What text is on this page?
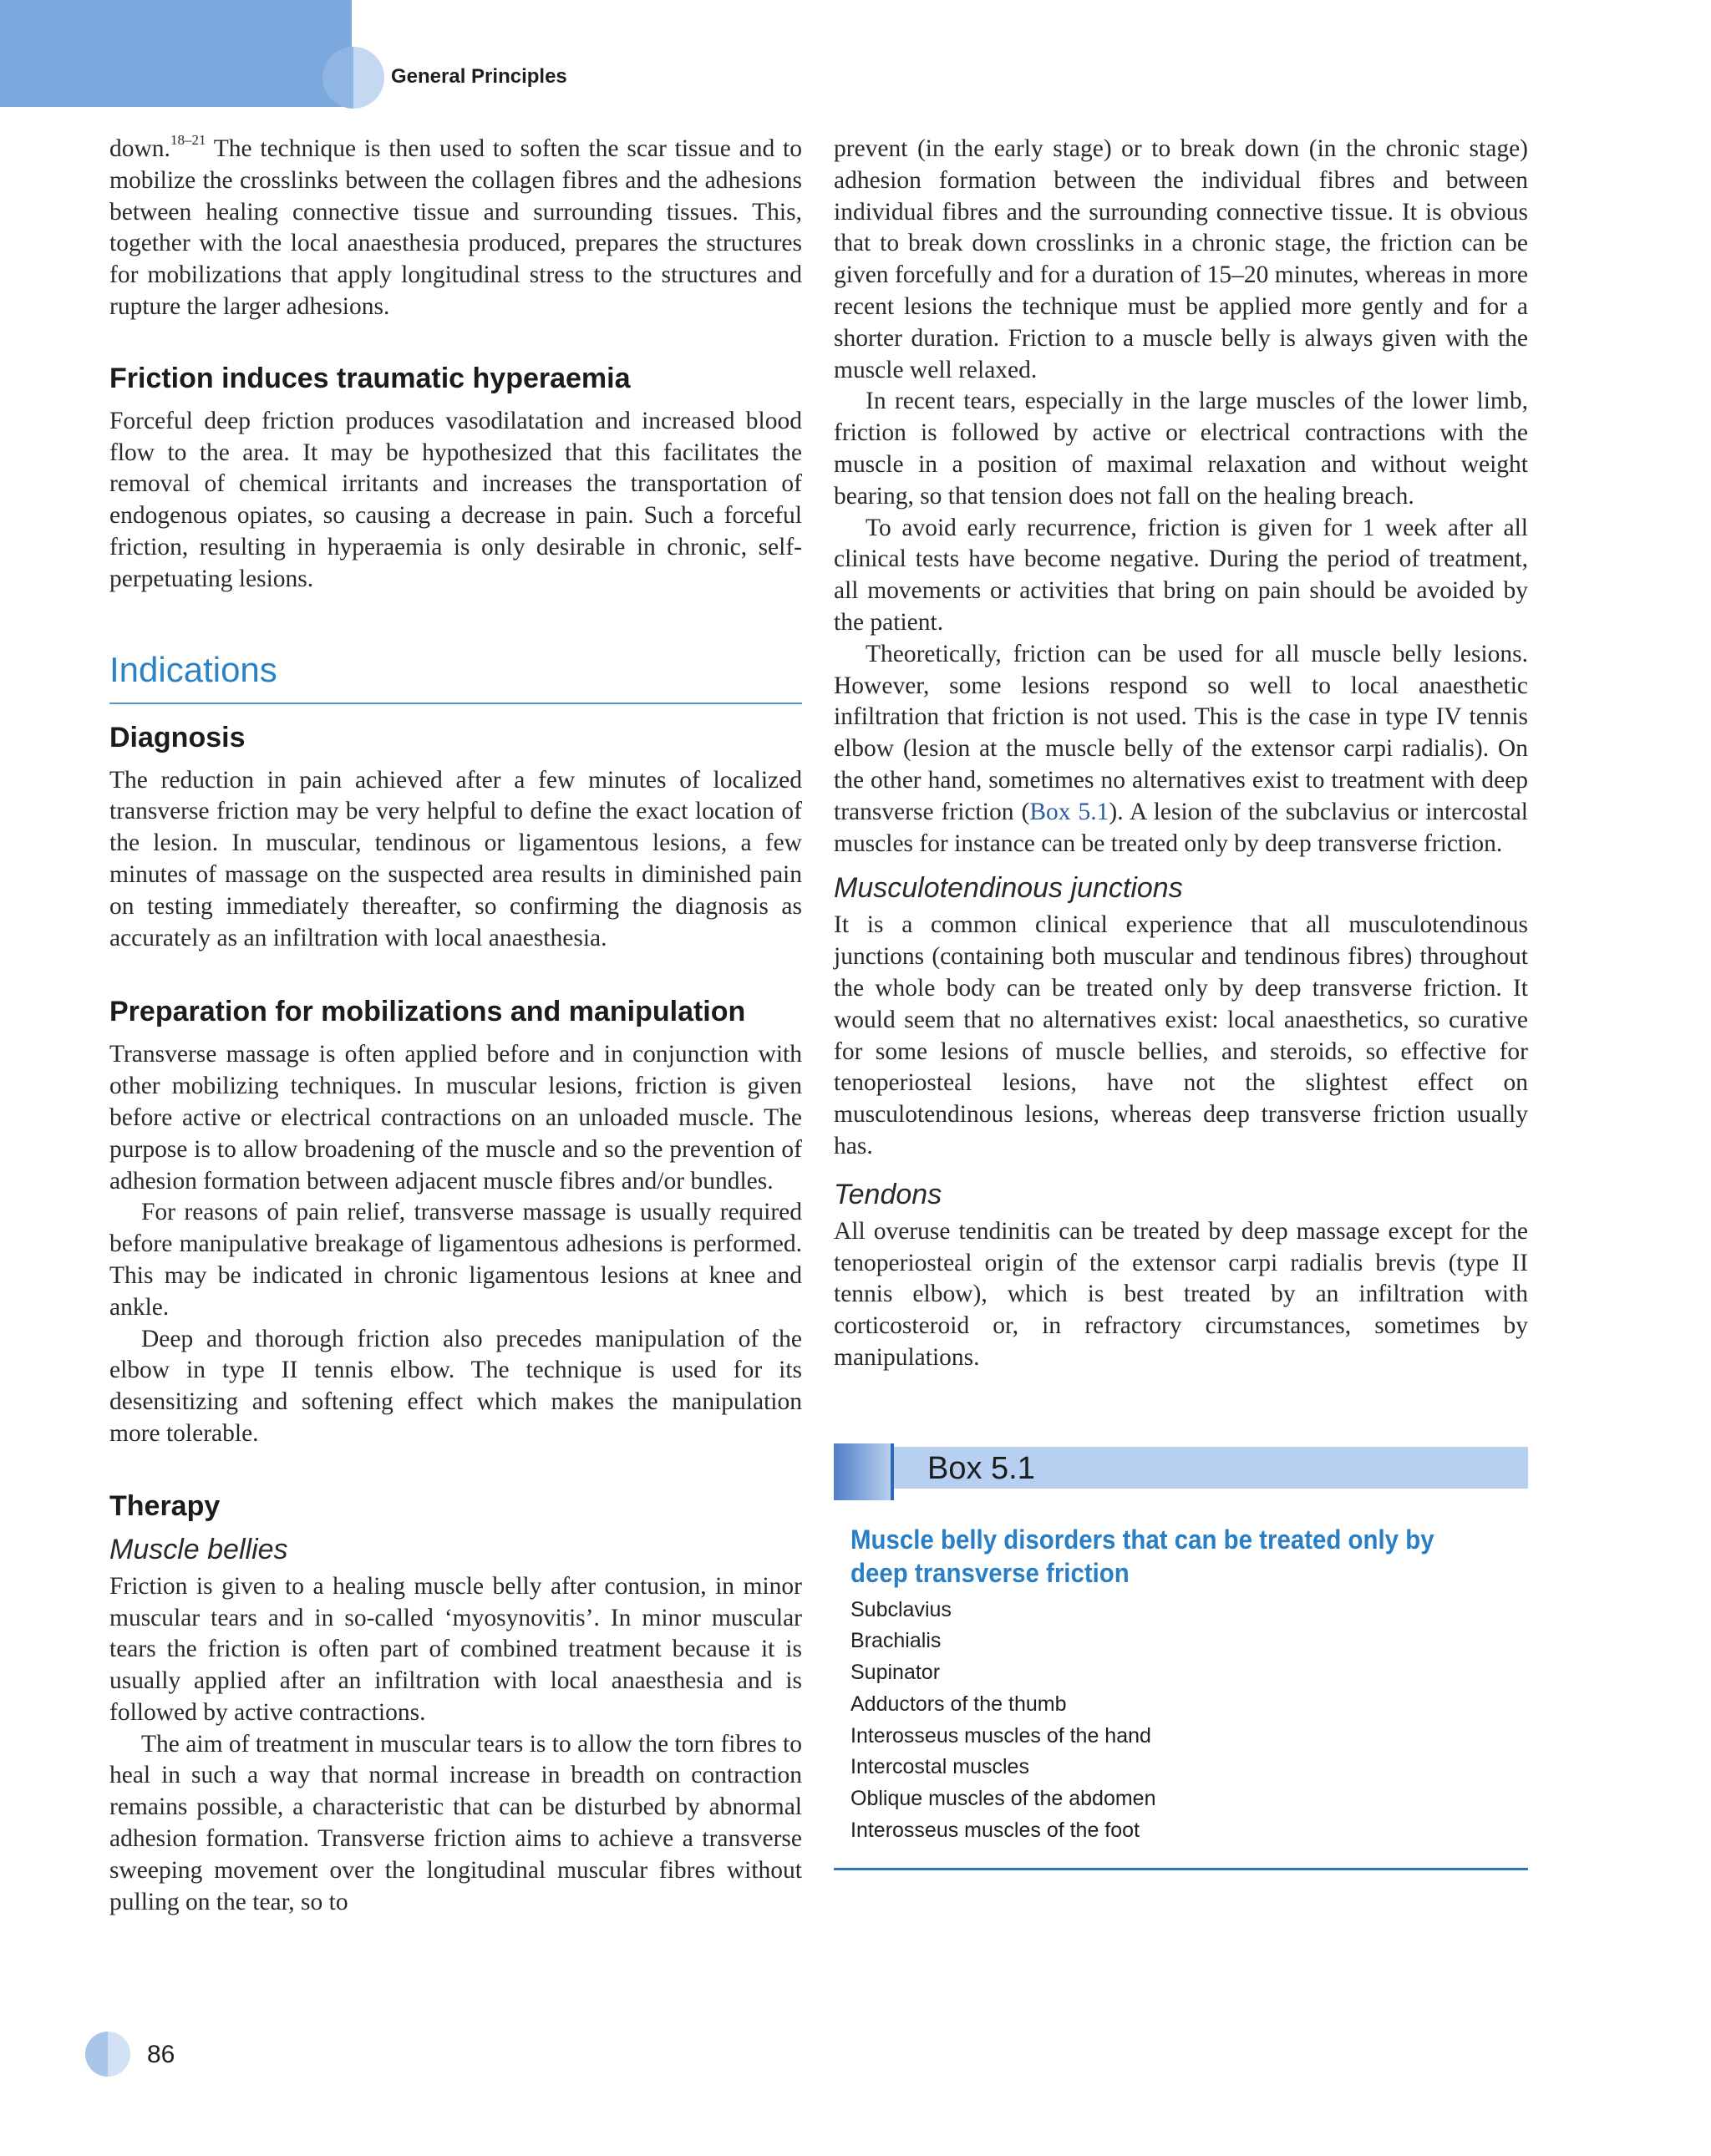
General Principles

down.$^{18-21}$ The technique is then used to soften the scar tissue and to mobilize the crosslinks between the collagen fibres and the adhesions between healing connective tissue and surrounding tissues. This, together with the local anaesthesia produced, prepares the structures for mobilizations that apply longitudinal stress to the structures and rupture the larger adhesions.

Friction induces traumatic hyperaemia

Forceful deep friction produces vasodilatation and increased blood flow to the area. It may be hypothesized that this facilitates the removal of chemical irritants and increases the transportation of endogenous opiates, so causing a decrease in pain. Such a forceful friction, resulting in hyperaemia is only desirable in chronic, self-perpetuating lesions.

Indications
Diagnosis

The reduction in pain achieved after a few minutes of localized transverse friction may be very helpful to define the exact location of the lesion. In muscular, tendinous or ligamentous lesions, a few minutes of massage on the suspected area results in diminished pain on testing immediately thereafter, so confirming the diagnosis as accurately as an infiltration with local anaesthesia.

Preparation for mobilizations and manipulation

Transverse massage is often applied before and in conjunction with other mobilizing techniques. In muscular lesions, friction is given before active or electrical contractions on an unloaded muscle. The purpose is to allow broadening of the muscle and so the prevention of adhesion formation between adjacent muscle fibres and/or bundles.

For reasons of pain relief, transverse massage is usually required before manipulative breakage of ligamentous adhesions is performed. This may be indicated in chronic ligamentous lesions at knee and ankle.

Deep and thorough friction also precedes manipulation of the elbow in type II tennis elbow. The technique is used for its desensitizing and softening effect which makes the manipulation more tolerable.

Therapy
Muscle bellies

Friction is given to a healing muscle belly after contusion, in minor muscular tears and in so-called ‘myosynovitis’. In minor muscular tears the friction is often part of combined treatment because it is usually applied after an infiltration with local anaesthesia and is followed by active contractions.

The aim of treatment in muscular tears is to allow the torn fibres to heal in such a way that normal increase in breadth on contraction remains possible, a characteristic that can be disturbed by abnormal adhesion formation. Transverse friction aims to achieve a transverse sweeping movement over the longitudinal muscular fibres without pulling on the tear, so to

prevent (in the early stage) or to break down (in the chronic stage) adhesion formation between the individual fibres and between individual fibres and the surrounding connective tissue. It is obvious that to break down crosslinks in a chronic stage, the friction can be given forcefully and for a duration of 15–20 minutes, whereas in more recent lesions the technique must be applied more gently and for a shorter duration. Friction to a muscle belly is always given with the muscle well relaxed.

In recent tears, especially in the large muscles of the lower limb, friction is followed by active or electrical contractions with the muscle in a position of maximal relaxation and without weight bearing, so that tension does not fall on the healing breach.

To avoid early recurrence, friction is given for 1 week after all clinical tests have become negative. During the period of treatment, all movements or activities that bring on pain should be avoided by the patient.

Theoretically, friction can be used for all muscle belly lesions. However, some lesions respond so well to local anaesthetic infiltration that friction is not used. This is the case in type IV tennis elbow (lesion at the muscle belly of the extensor carpi radialis). On the other hand, sometimes no alternatives exist to treatment with deep transverse friction (Box 5.1). A lesion of the subclavius or intercostal muscles for instance can be treated only by deep transverse friction.

Musculotendinous junctions

It is a common clinical experience that all musculotendinous junctions (containing both muscular and tendinous fibres) throughout the whole body can be treated only by deep transverse friction. It would seem that no alternatives exist: local anaesthetics, so curative for some lesions of muscle bellies, and steroids, so effective for tenoperiosteal lesions, have not the slightest effect on musculotendinous lesions, whereas deep transverse friction usually has.

Tendons

All overuse tendinitis can be treated by deep massage except for the tenoperiosteal origin of the extensor carpi radialis brevis (type II tennis elbow), which is best treated by an infiltration with corticosteroid or, in refractory circumstances, sometimes by manipulations.

Box 5.1
Muscle belly disorders that can be treated only by deep transverse friction
Subclavius
Brachialis
Supinator
Adductors of the thumb
Interosseus muscles of the hand
Intercostal muscles
Oblique muscles of the abdomen
Interosseus muscles of the foot
86
